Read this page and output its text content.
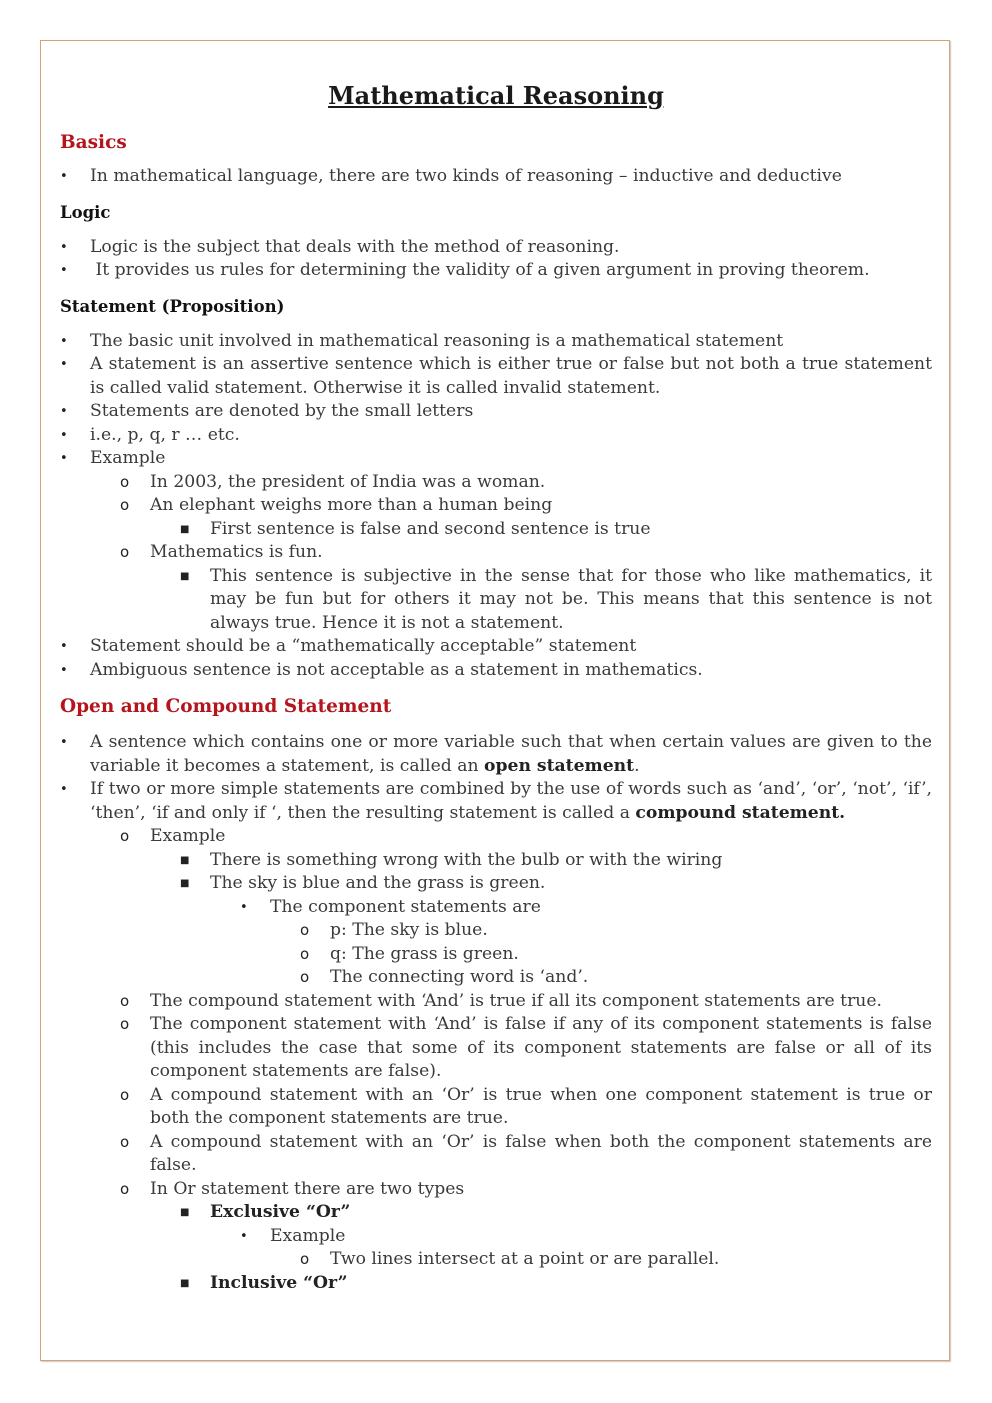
Mathematical Reasoning
Basics
• In mathematical language, there are two kinds of reasoning – inductive and deductive
Logic
• Logic is the subject that deals with the method of reasoning.
• It provides us rules for determining the validity of a given argument in proving theorem.
Statement (Proposition)
• The basic unit involved in mathematical reasoning is a mathematical statement
• A statement is an assertive sentence which is either true or false but not both a true statement is called valid statement. Otherwise it is called invalid statement.
• Statements are denoted by the small letters
• i.e., p, q, r … etc.
• Example
o In 2003, the president of India was a woman.
o An elephant weighs more than a human being
■ First sentence is false and second sentence is true
o Mathematics is fun.
■ This sentence is subjective in the sense that for those who like mathematics, it may be fun but for others it may not be. This means that this sentence is not always true. Hence it is not a statement.
• Statement should be a “mathematically acceptable” statement
• Ambiguous sentence is not acceptable as a statement in mathematics.
Open and Compound Statement
• A sentence which contains one or more variable such that when certain values are given to the variable it becomes a statement, is called an open statement.
• If two or more simple statements are combined by the use of words such as ‘and’, ‘or’, ‘not’, ‘if’, ‘then’, ‘if and only if ‘, then the resulting statement is called a compound statement.
o Example
■ There is something wrong with the bulb or with the wiring
■ The sky is blue and the grass is green.
• The component statements are
o p: The sky is blue.
o q: The grass is green.
o The connecting word is ‘and’.
o The compound statement with ‘And’ is true if all its component statements are true.
o The component statement with ‘And’ is false if any of its component statements is false (this includes the case that some of its component statements are false or all of its component statements are false).
o A compound statement with an ‘Or’ is true when one component statement is true or both the component statements are true.
o A compound statement with an ‘Or’ is false when both the component statements are false.
o In Or statement there are two types
■ Exclusive “Or”
• Example
o Two lines intersect at a point or are parallel.
■ Inclusive “Or”
